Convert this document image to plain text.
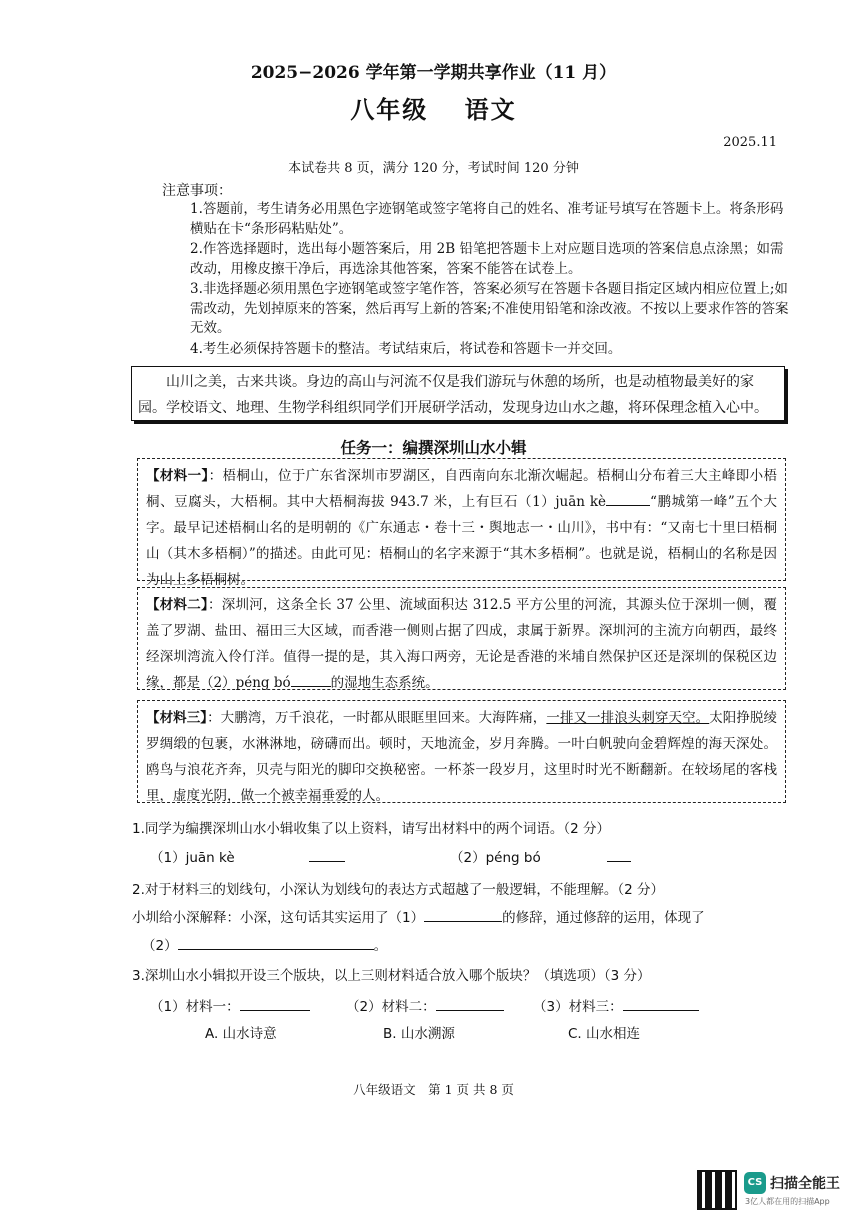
2025−2026 学年第一学期共享作业（11 月）
八年级　 语文
2025.11
本试卷共 8 页，满分 120 分，考试时间 120 分钟
注意事项：
1.答题前，考生请务必用黑色字迹钢笔或签字笔将自己的姓名、准考证号填写在答题卡上。将条形码横贴在卡“条形码粘贴处”。
2.作答选择题时，选出每小题答案后，用 2B 铅笔把答题卡上对应题目选项的答案信息点涂黑；如需改动，用橡皮擦干净后，再选涂其他答案，答案不能答在试卷上。
3.非选择题必须用黑色字迹钢笔或签字笔作答，答案必须写在答题卡各题目指定区域内相应位置上;如需改动，先划掉原来的答案，然后再写上新的答案;不准使用铅笔和涂改液。不按以上要求作答的答案无效。
4.考生必须保持答题卡的整洁。考试结束后，将试卷和答题卡一并交回。
山川之美，古来共谈。身边的高山与河流不仅是我们游玩与休憩的场所，也是动植物最美好的家园。学校语文、地理、生物学科组织同学们开展研学活动，发现身边山水之趣，将环保理念植入心中。
任务一：编撰深圳山水小辑
【材料一】：梧桐山，位于广东省深圳市罗湖区，自西南向东北渐次崛起。梧桐山分布着三大主峰即小梧桐、豆腐头，大梧桐。其中大梧桐海拔 943.7 米，上有巨石（1）juān kè	“鹏城第一峰”五个大字。最早记述梧桐山名的是明朝的《广东通志・卷十三・舆地志一・山川》，书中有：“又南七十里曰梧桐山（其木多梧桐）”的描述。由此可见：梧桐山的名字来源于“其木多梧桐”。也就是说，梧桐山的名称是因为山上多梧桐树。
【材料二】：深圳河，这条全长 37 公里、流域面积达 312.5 平方公里的河流，其源头位于深圳一侧，覆盖了罗湖、盐田、福田三大区域，而香港一侧则占据了四成，隶属于新界。深圳河的主流方向朝西，最终经深圳湾流入伶仃洋。值得一提的是，其入海口两旁，无论是香港的米埔自然保护区还是深圳的保税区边缘，都是（2）péng bó	的湿地生态系统。
【材料三】：大鹏湾，万千浪花，一时都从眼眶里回来。大海阵痛，一排又一排浪头刺穿天空。太阳挣脱绫罗绸缎的包裹，水淋淋地，磅礴而出。顿时，天地流金，岁月奔腾。一叶白帆驶向金碧辉煌的海天深处。鸥鸟与浪花齐奔，贝壳与阳光的脚印交换秘密。一杯茶一段岁月，这里时时光不断翻新。在较场尾的客栈里，虚度光阴，做一个被幸福垂爱的人。
1.同学为编撰深圳山水小辑收集了以上资料，请写出材料中的两个词语。（2 分）
（1）juān kè	（2）péng bó
2.对于材料三的划线句，小深认为划线句的表达方式超越了一般逻辑，不能理解。（2 分）
小圳给小深解释：小深，这句话其实运用了（1）	的修辞，通过修辞的运用，体现了
（2）	。
3.深圳山水小辑拟开设三个版块，以上三则材料适合放入哪个版块？（填选项）（3 分）
（1）材料一：	（2）材料二：	（3）材料三：
A. 山水诗意	B. 山水溯源	C. 山水相连
八年级语文　第 1 页 共 8 页
CS 扫描全能王
3亿人都在用的扫描App
